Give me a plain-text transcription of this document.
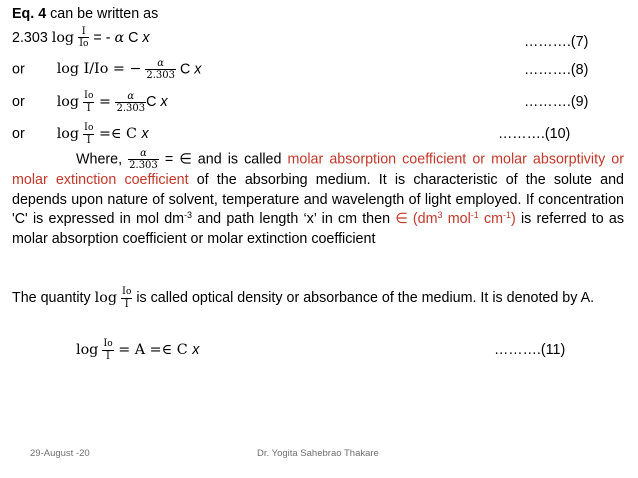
Eq. 4 can be written as
2.303 $\log \frac{I}{Io}$ = - α C x	……….(7)
or log I/Io = − $\frac{\alpha}{2.303}$ C x	……….(8)
or $\log \frac{Io}{I} = \frac{\alpha}{2.303}$ C x	……….(9)
or $\log \frac{Io}{I}$ =∈ C x	……….(10)
Where, $\frac{\alpha}{2.303}$ = ∈ and is called molar absorption coefficient or molar absorptivity or molar extinction coefficient of the absorbing medium. It is characteristic of the solute and depends upon nature of solvent, temperature and wavelength of light employed. If concentration 'C' is expressed in mol $dm^{-3}$ and path length ‘x’ in cm then ∈ ($dm^3$ mol$^{-1}$ $cm^{-1}$) is referred to as molar absorption coefficient or molar extinction coefficient
The quantity $\log \frac{Io}{I}$ is called optical density or absorbance of the medium. It is denoted by A.
$\log \frac{Io}{I} = A$ =∈ C x	……….(11)
29-August -20	Dr. Yogita Sahebrao Thakare
